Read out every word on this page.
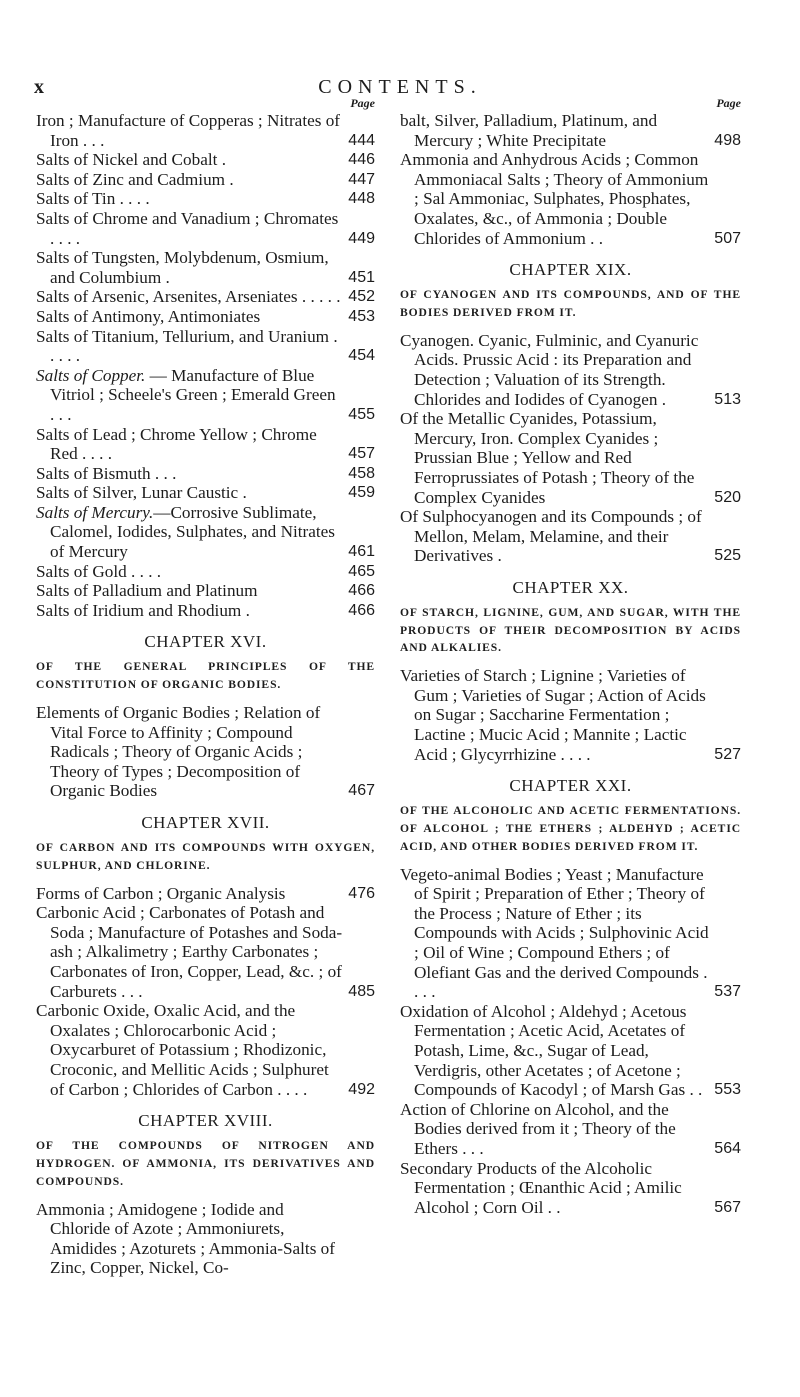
x	CONTENTS.
Page
Iron ; Manufacture of Copperas ; Nitrates of Iron . . .	444
Salts of Nickel and Cobalt .	446
Salts of Zinc and Cadmium .	447
Salts of Tin . . . .	448
Salts of Chrome and Vanadium ; Chromates . . . .	449
Salts of Tungsten, Molybdenum, Osmium, and Columbium .	451
Salts of Arsenic, Arsenites, Arseniates . . . . . 452
Salts of Antimony, Antimoniates	453
Salts of Titanium, Tellurium, and Uranium . . . . .	454
Salts of Copper. — Manufacture of Blue Vitriol ; Scheele's Green ; Emerald Green . . .	455
Salts of Lead ; Chrome Yellow ; Chrome Red . . . .	457
Salts of Bismuth . . .	458
Salts of Silver, Lunar Caustic .	459
Salts of Mercury.—Corrosive Sublimate, Calomel, Iodides, Sulphates, and Nitrates of Mercury	461
Salts of Gold . . . .	465
Salts of Palladium and Platinum	466
Salts of Iridium and Rhodium .	466
CHAPTER XVI.
OF THE GENERAL PRINCIPLES OF THE CONSTITUTION OF ORGANIC BODIES.
Elements of Organic Bodies ; Relation of Vital Force to Affinity ; Compound Radicals ; Theory of Organic Acids ; Theory of Types ; Decomposition of Organic Bodies	467
CHAPTER XVII.
OF CARBON AND ITS COMPOUNDS WITH OXYGEN, SULPHUR, AND CHLORINE.
Forms of Carbon ; Organic Analysis	476
Carbonic Acid ; Carbonates of Potash and Soda ; Manufacture of Potashes and Soda-ash ; Alkalimetry ; Earthy Carbonates ; Carbonates of Iron, Copper, Lead, &c. ; of Carburets . . .	485
Carbonic Oxide, Oxalic Acid, and the Oxalates ; Chlorocarbonic Acid ; Oxycarburet of Potassium ; Rhodizonic, Croconic, and Mellitic Acids ; Sulphuret of Carbon ; Chlorides of Carbon . . . .	492
CHAPTER XVIII.
OF THE COMPOUNDS OF NITROGEN AND HYDROGEN. OF AMMONIA, ITS DERIVATIVES AND COMPOUNDS.
Ammonia ; Amidogene ; Iodide and Chloride of Azote ; Ammoniurets, Amidides ; Azoturets ; Ammonia-Salts of Zinc, Copper, Nickel, Co-
Page
balt, Silver, Palladium, Platinum, and Mercury ; White Precipitate	498
Ammonia and Anhydrous Acids ; Common Ammoniacal Salts ; Theory of Ammonium ; Sal Ammoniac, Sulphates, Phosphates, Oxalates, &c., of Ammonia ; Double Chlorides of Ammonium . .	507
CHAPTER XIX.
OF CYANOGEN AND ITS COMPOUNDS, AND OF THE BODIES DERIVED FROM IT.
Cyanogen. Cyanic, Fulminic, and Cyanuric Acids. Prussic Acid : its Preparation and Detection ; Valuation of its Strength. Chlorides and Iodides of Cyanogen .	513
Of the Metallic Cyanides, Potassium, Mercury, Iron. Complex Cyanides ; Prussian Blue ; Yellow and Red Ferroprussiates of Potash ; Theory of the Complex Cyanides	520
Of Sulphocyanogen and its Compounds ; of Mellon, Melam, Melamine, and their Derivatives .	525
CHAPTER XX.
OF STARCH, LIGNINE, GUM, AND SUGAR, WITH THE PRODUCTS OF THEIR DECOMPOSITION BY ACIDS AND ALKALIES.
Varieties of Starch ; Lignine ; Varieties of Gum ; Varieties of Sugar ; Action of Acids on Sugar ; Saccharine Fermentation ; Lactine ; Mucic Acid ; Mannite ; Lactic Acid ; Glycyrrhizine . . . .	527
CHAPTER XXI.
OF THE ALCOHOLIC AND ACETIC FERMENTATIONS. OF ALCOHOL ; THE ETHERS ; ALDEHYD ; ACETIC ACID, AND OTHER BODIES DERIVED FROM IT.
Vegeto-animal Bodies ; Yeast ; Manufacture of Spirit ; Preparation of Ether ; Theory of the Process ; Nature of Ether ; its Compounds with Acids ; Sulphovinic Acid ; Oil of Wine ; Compound Ethers ; of Olefiant Gas and the derived Compounds . . . .	537
Oxidation of Alcohol ; Aldehyd ; Acetous Fermentation ; Acetic Acid, Acetates of Potash, Lime, &c., Sugar of Lead, Verdigris, other Acetates ; of Acetone ; Compounds of Kacodyl ; of Marsh Gas . . 553
Action of Chlorine on Alcohol, and the Bodies derived from it ; Theory of the Ethers . . .	564
Secondary Products of the Alcoholic Fermentation ; Œnanthic Acid ; Amilic Alcohol ; Corn Oil . .	567
